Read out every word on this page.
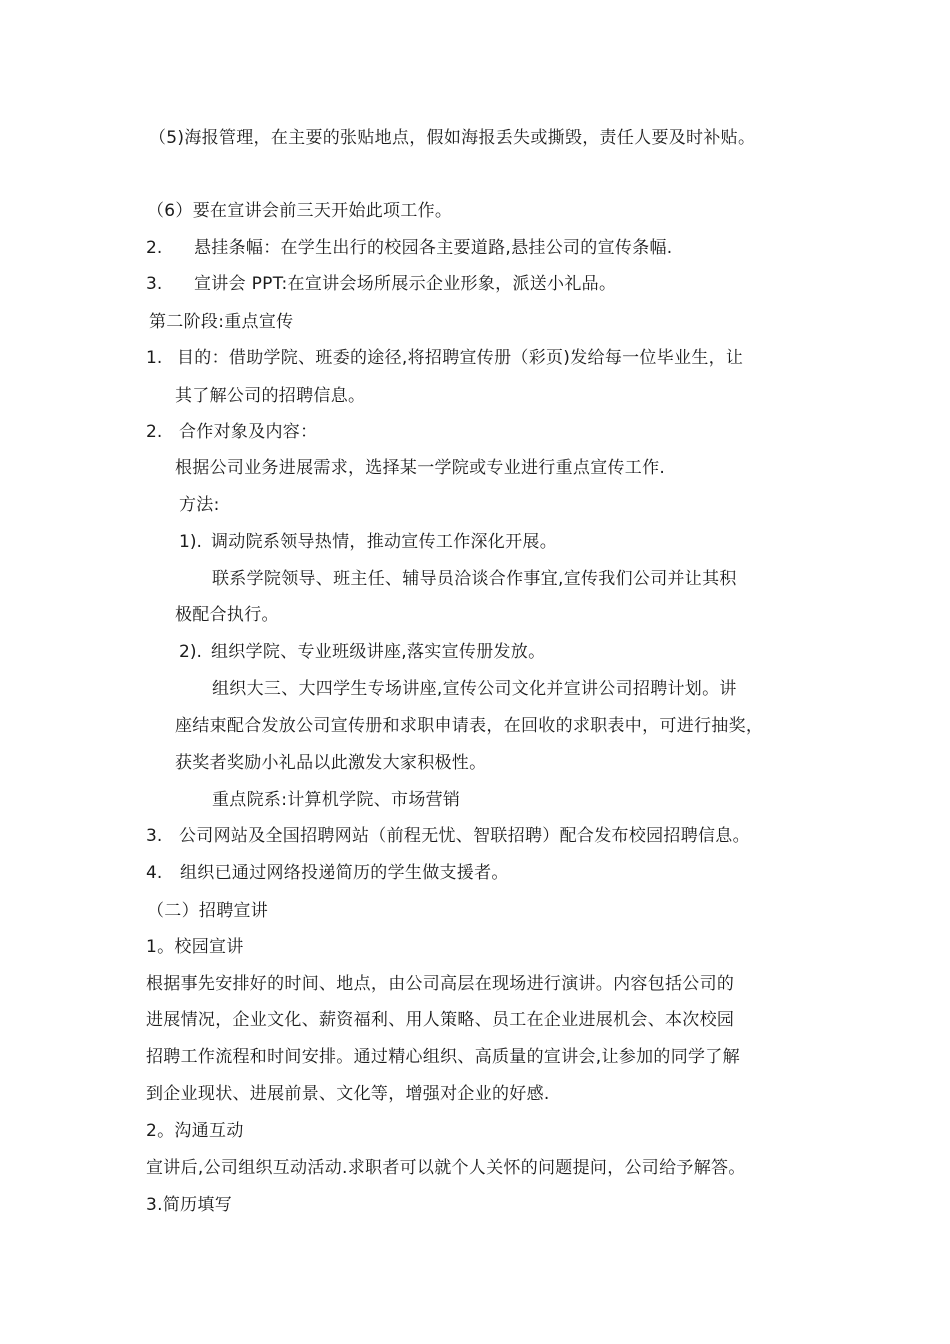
（5)海报管理，在主要的张贴地点，假如海报丢失或撕毁，责任人要及时补贴。
（6）要在宣讲会前三天开始此项工作。
2. 悬挂条幅：在学生出行的校园各主要道路,悬挂公司的宣传条幅.
3. 宣讲会 PPT:在宣讲会场所展示企业形象，派送小礼品。
第二阶段:重点宣传
1. 目的：借助学院、班委的途径,将招聘宣传册（彩页)发给每一位毕业生，让
其了解公司的招聘信息。
2. 合作对象及内容：
根据公司业务进展需求，选择某一学院或专业进行重点宣传工作.
方法:
1). 调动院系领导热情，推动宣传工作深化开展。
联系学院领导、班主任、辅导员洽谈合作事宜,宣传我们公司并让其积
极配合执行。
2). 组织学院、专业班级讲座,落实宣传册发放。
组织大三、大四学生专场讲座,宣传公司文化并宣讲公司招聘计划。讲
座结束配合发放公司宣传册和求职申请表，在回收的求职表中，可进行抽奖，
获奖者奖励小礼品以此激发大家积极性。
重点院系:计算机学院、市场营销
3. 公司网站及全国招聘网站（前程无忧、智联招聘）配合发布校园招聘信息。
4. 组织已通过网络投递简历的学生做支援者。
（二）招聘宣讲
1。校园宣讲
根据事先安排好的时间、地点，由公司高层在现场进行演讲。内容包括公司的
进展情况，企业文化、薪资福利、用人策略、员工在企业进展机会、本次校园
招聘工作流程和时间安排。通过精心组织、高质量的宣讲会,让参加的同学了解
到企业现状、进展前景、文化等，增强对企业的好感.
2。沟通互动
宣讲后,公司组织互动活动.求职者可以就个人关怀的问题提问，公司给予解答。
3.简历填写
